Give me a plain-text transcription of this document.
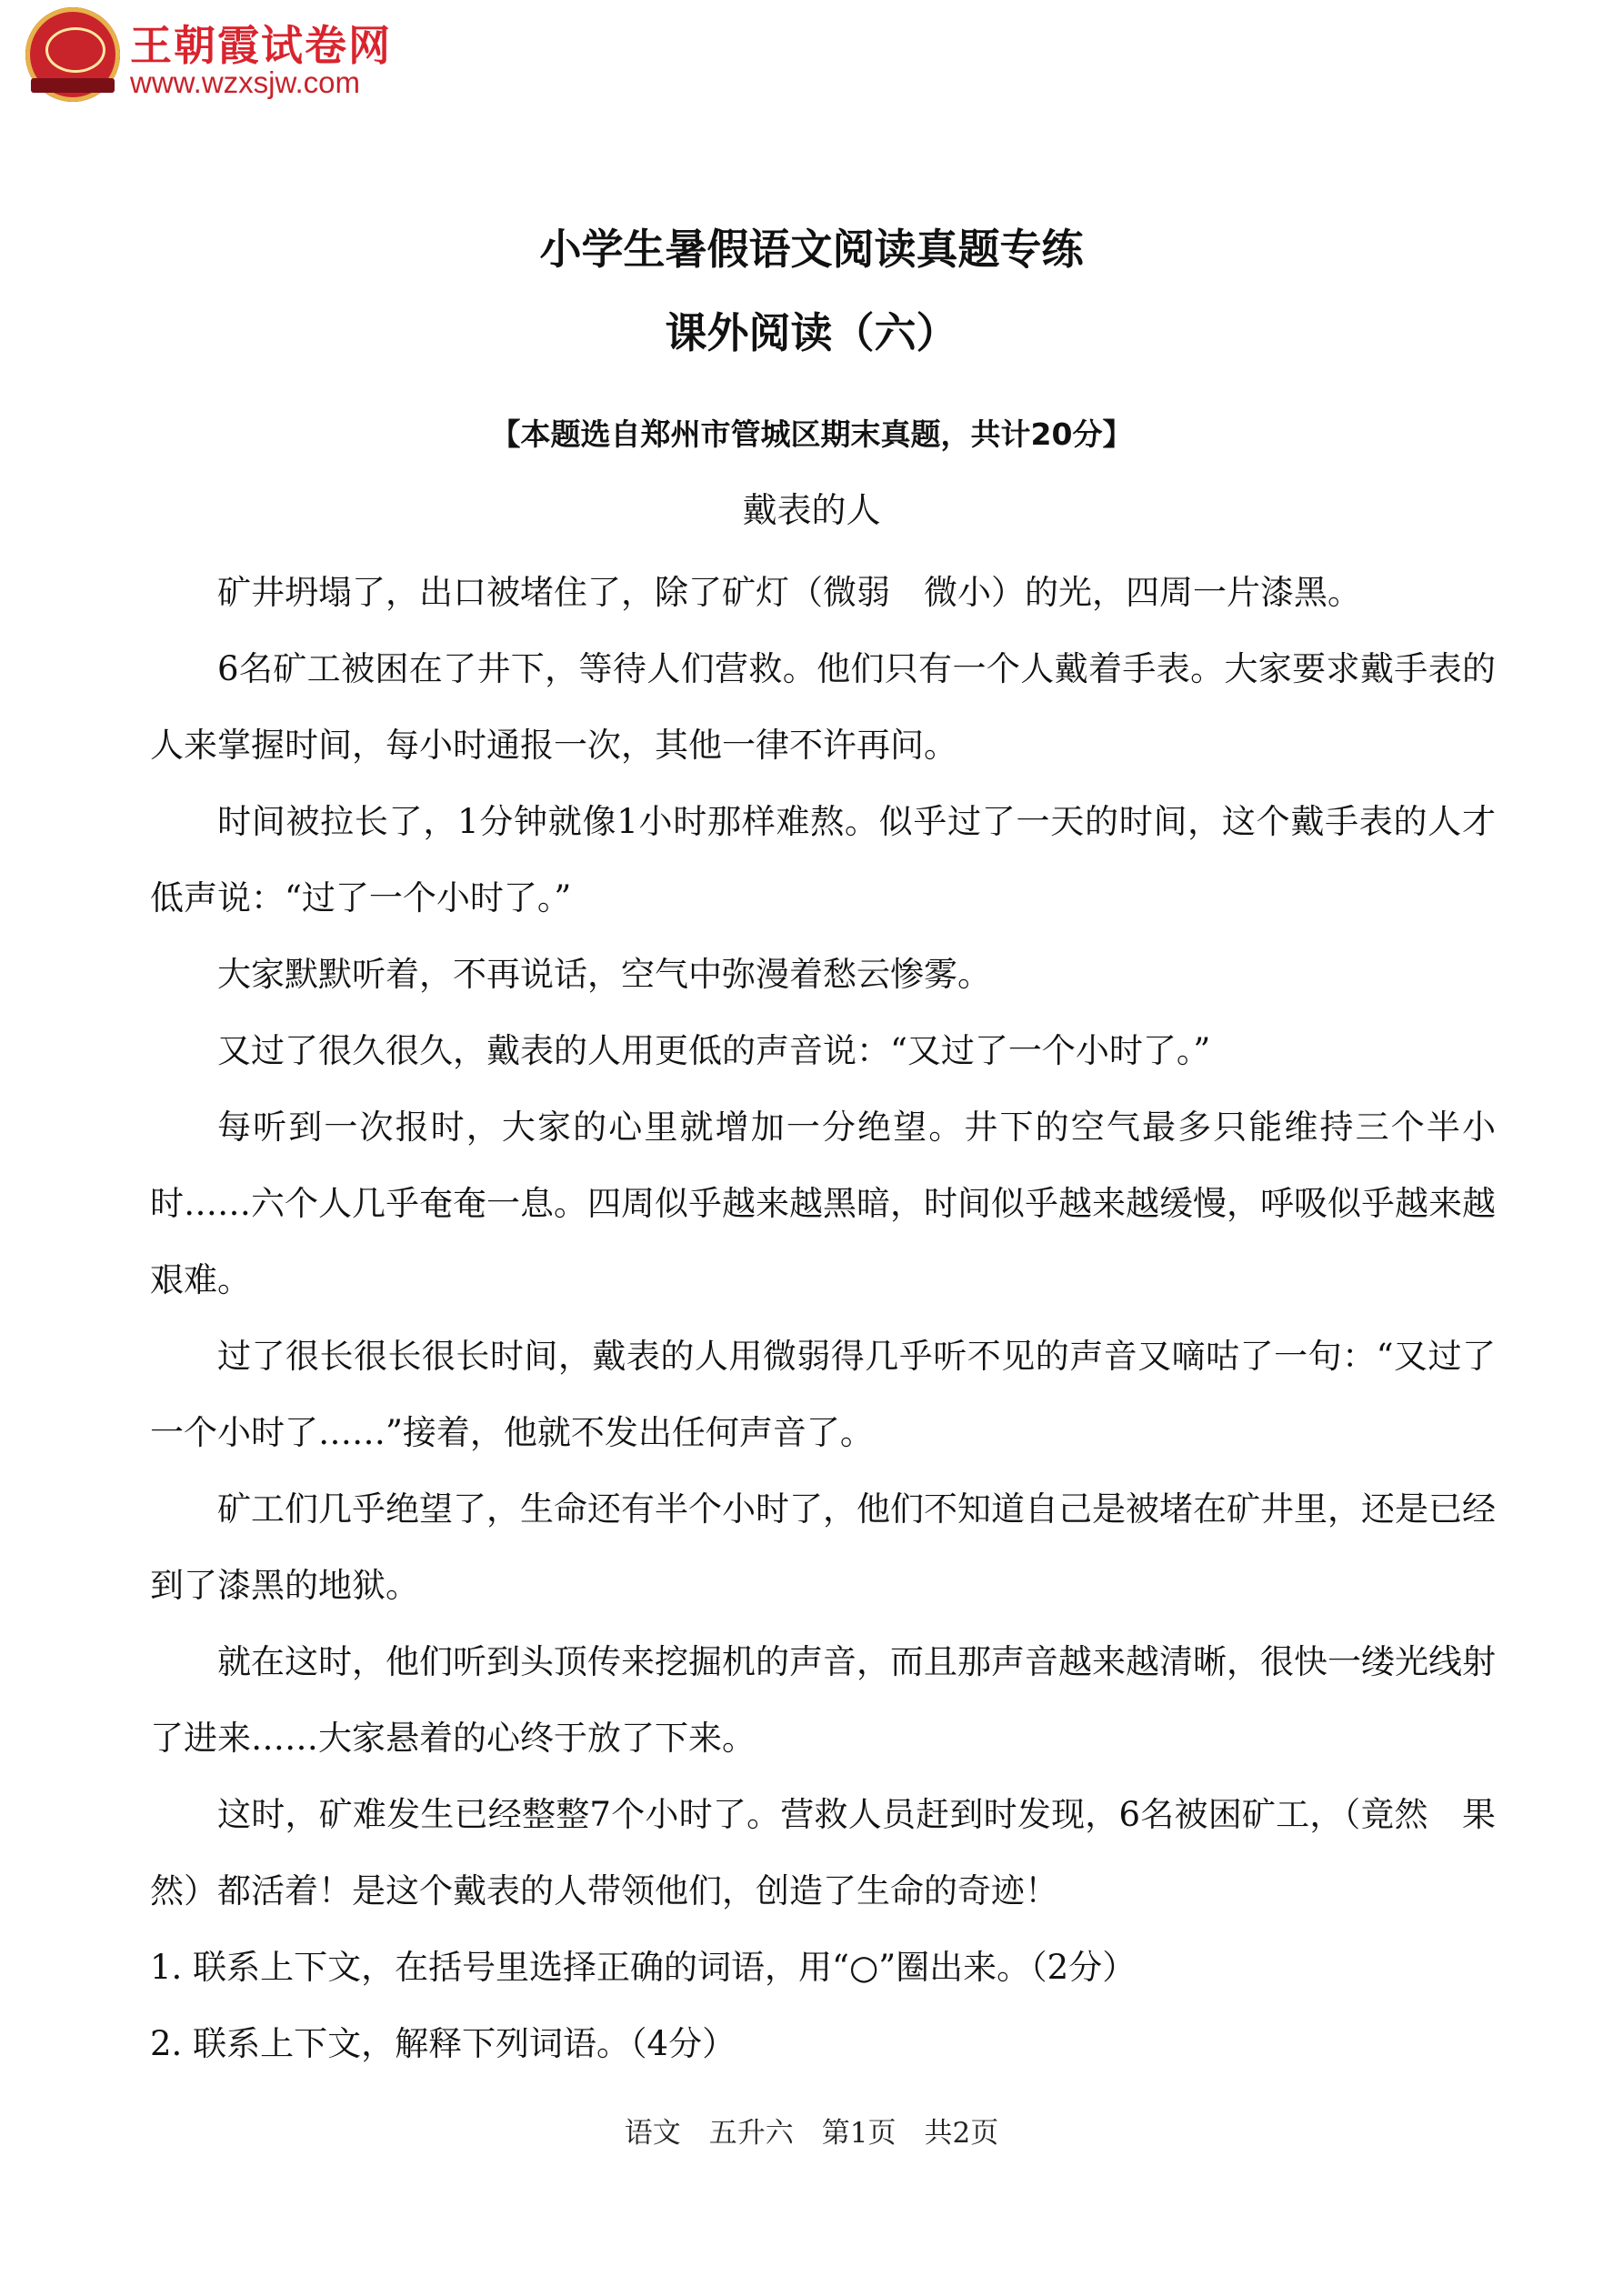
王朝霞试卷网
www.wzxsjw.com
小学生暑假语文阅读真题专练
课外阅读（六）
【本题选自郑州市管城区期末真题，共计20分】
戴表的人

矿井坍塌了，出口被堵住了，除了矿灯（微弱　微小）的光，四周一片漆黑。

6名矿工被困在了井下，等待人们营救。他们只有一个人戴着手表。大家要求戴手表的人来掌握时间，每小时通报一次，其他一律不许再问。

时间被拉长了，1分钟就像1小时那样难熬。似乎过了一天的时间，这个戴手表的人才低声说：“过了一个小时了。”

大家默默听着，不再说话，空气中弥漫着愁云惨雾。

又过了很久很久，戴表的人用更低的声音说：“又过了一个小时了。”

每听到一次报时，大家的心里就增加一分绝望。井下的空气最多只能维持三个半小时……六个人几乎奄奄一息。四周似乎越来越黑暗，时间似乎越来越缓慢，呼吸似乎越来越艰难。

过了很长很长很长时间，戴表的人用微弱得几乎听不见的声音又嘀咕了一句：“又过了一个小时了……”接着，他就不发出任何声音了。

矿工们几乎绝望了，生命还有半个小时了，他们不知道自己是被堵在矿井里，还是已经到了漆黑的地狱。

就在这时，他们听到头顶传来挖掘机的声音，而且那声音越来越清晰，很快一缕光线射了进来……大家悬着的心终于放了下来。

这时，矿难发生已经整整7个小时了。营救人员赶到时发现，6名被困矿工，（竟然　果然）都活着！是这个戴表的人带领他们，创造了生命的奇迹！

1. 联系上下文，在括号里选择正确的词语，用“○”圈出来。（2分）

2. 联系上下文，解释下列词语。（4分）

语文　五升六　第1页　共2页
